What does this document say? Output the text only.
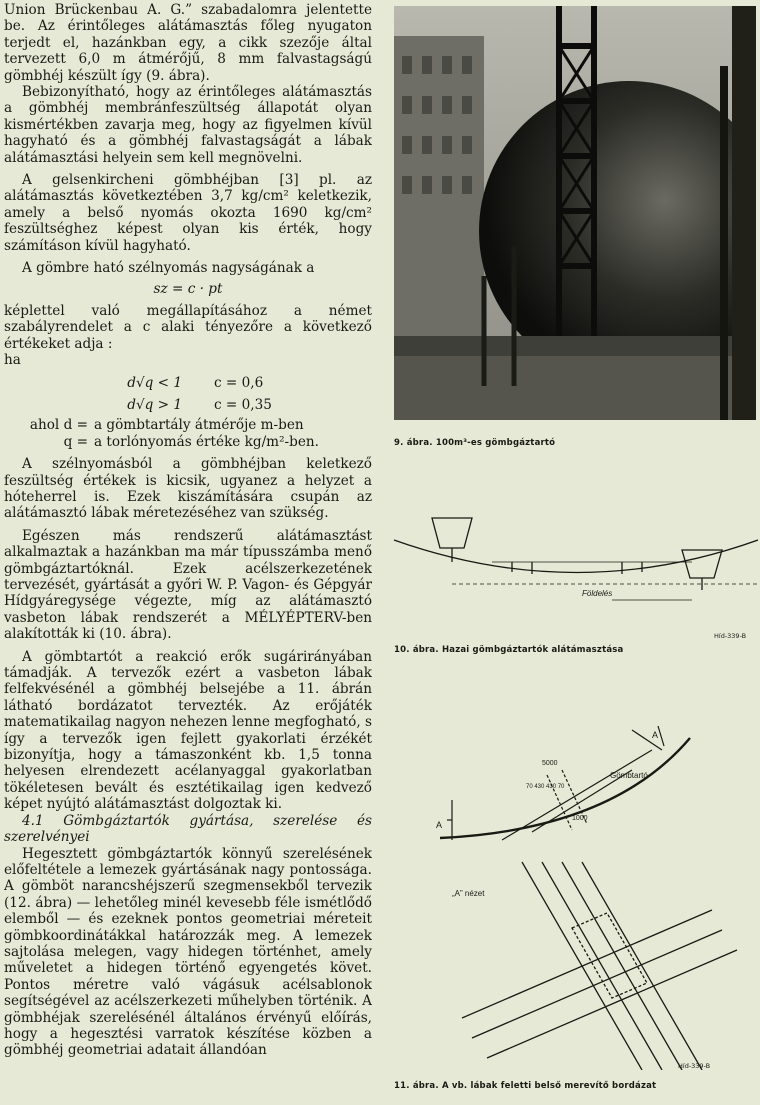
Union Brückenbau A. G.” szabadalomra jelentette be. Az érintőleges alátámasztás főleg nyugaton terjedt el, hazánkban egy, a cikk szezője által tervezett 6,0 m átmérőjű, 8 mm falvastagságú gömbhéj készült így (9. ábra).

Bebizonyítható, hogy az érintőleges alátámasztás a gömbhéj membránfeszültség állapotát olyan kismértékben zavarja meg, hogy az figyelmen kívül hagyható és a gömbhéj falvastagságát a lábak alátámasztási helyein sem kell megnövelni.

A gelsenkircheni gömbhéjban [3] pl. az alátámasztás következtében 3,7 kg/cm² keletkezik, amely a belső nyomás okozta 1690 kg/cm² feszültséghez képest olyan kis érték, hogy számításon kívül hagyható.

A gömbre ható szélnyomás nagyságának a

sz = c · pt

képlettel való megállapításához a német szabályrendelet a c alaki tényezőre a következő értékeket adja :

ha

d√q < 1	c = 0,6
d√q > 1	c = 0,35
ahol d = a gömbtartály átmérője m-ben
q = a torlónyomás értéke kg/m²-ben.

A szélnyomásból a gömbhéjban keletkező feszültség értékek is kicsik, ugyanez a helyzet a hóteherrel is. Ezek kiszámítására csupán az alátámasztó lábak méretezéséhez van szükség.

Egészen más rendszerű alátámasztást alkalmaztak a hazánkban ma már típusszámba menő gömbgáztartóknál. Ezek acélszerkezetének tervezését, gyártását a győri W. P. Vagon- és Gépgyár Hídgyáregysége végezte, míg az alátámasztó vasbeton lábak rendszerét a MÉLYÉPTERV-ben alakították ki (10. ábra).

A gömbtartót a reakció erők sugárirányában támadják. A tervezők ezért a vasbeton lábak felfekvésénél a gömbhéj belsejébe a 11. ábrán látható bordázatot tervezték. Az erőjáték matematikailag nagyon nehezen lenne megfogható, s így a tervezők igen fejlett gyakorlati érzékét bizonyítja, hogy a támaszonként kb. 1,5 tonna helyesen elrendezett acélanyaggal gyakorlatban tökéletesen bevált és esztétikailag igen kedvező képet nyújtó alátámasztást dolgoztak ki.

4.1 Gömbgáztartók gyártása, szerelése és szerelvényei

Hegesztett gömbgáztartók könnyű szerelésének előfeltétele a lemezek gyártásának nagy pontossága. A gömböt narancshéjszerű szegmensekből tervezik (12. ábra) — lehetőleg minél kevesebb féle ismétlődő elemből — és ezeknek pontos geometriai méreteit gömbkoordinátákkal határozzák meg. A lemezek sajtolása melegen, vagy hidegen történhet, amely műveletet a hidegen történő egyengetés követ. Pontos méretre való vágásuk acélsablonok segítségével az acélszerkezeti műhelyben történik. A gömbhéjak szerelésénél általános érvényű előírás, hogy a hegesztési varratok készítése közben a gömbhéj geometriai adatait állandóan

9. ábra. 100m³-es gömbgáztartó
Földelés
Híd-339-B
10. ábra. Hazai gömbgáztartók alátámasztása
Gömbtartó
A
A
5000
70 430 430 70
1000
„A” nézet
Híd-339-B
11. ábra. A vb. lábak feletti belső merevítő bordázat
